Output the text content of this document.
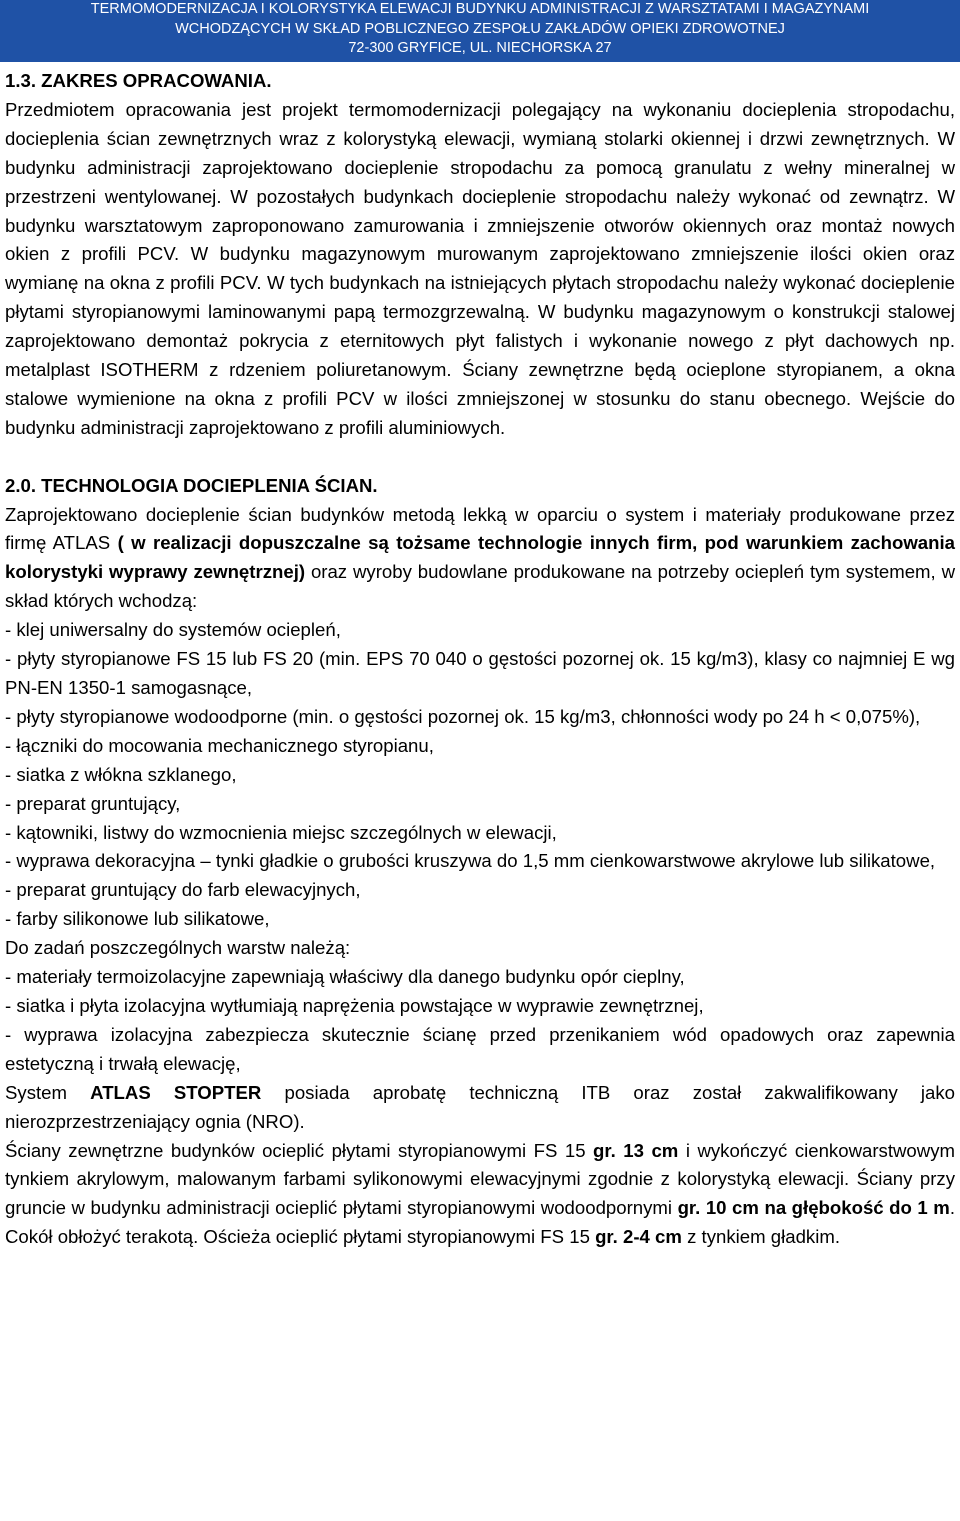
TERMOMODERNIZACJA I KOLORYSTYKA ELEWACJI BUDYNKU ADMINISTRACJI Z WARSZTATAMI I MAGAZYNAMI
WCHODZĄCYCH W SKŁAD POBLICZNEGO ZESPOŁU ZAKŁADÓW OPIEKI ZDROWOTNEJ
72-300 GRYFICE, UL. NIECHORSKA 27

1.3. ZAKRES OPRACOWANIA.

Przedmiotem opracowania jest projekt termomodernizacji polegający na wykonaniu docieplenia stropodachu, docieplenia ścian zewnętrznych wraz z kolorystyką elewacji, wymianą stolarki okiennej i drzwi zewnętrznych. W budynku administracji zaprojektowano docieplenie stropodachu za pomocą granulatu z wełny mineralnej w przestrzeni wentylowanej. W pozostałych budynkach docieplenie stropodachu należy wykonać od zewnątrz. W budynku warsztatowym zaproponowano zamurowania i zmniejszenie otworów okiennych oraz montaż nowych okien z profili PCV. W budynku magazynowym murowanym zaprojektowano zmniejszenie ilości okien oraz wymianę na okna z profili PCV. W tych budynkach na istniejących płytach stropodachu należy wykonać docieplenie płytami styropianowymi laminowanymi papą termozgrzewalną. W budynku magazynowym o konstrukcji stalowej zaprojektowano demontaż pokrycia z eternitowych płyt falistych i wykonanie nowego z płyt dachowych np. metalplast ISOTHERM z rdzeniem poliuretanowym. Ściany zewnętrzne będą ocieplone styropianem, a okna stalowe wymienione na okna z profili PCV w ilości zmniejszonej w stosunku do stanu obecnego. Wejście do budynku administracji zaprojektowano z profili aluminiowych.

2.0. TECHNOLOGIA DOCIEPLENIA ŚCIAN.

Zaprojektowano docieplenie ścian budynków metodą lekką w oparciu o system i materiały produkowane przez firmę ATLAS ( w realizacji dopuszczalne są tożsame technologie innych firm, pod warunkiem zachowania kolorystyki wyprawy zewnętrznej) oraz wyroby budowlane produkowane na potrzeby ociepleń tym systemem, w skład których wchodzą:

- klej uniwersalny do systemów ociepleń,

- płyty styropianowe FS 15 lub FS 20 (min. EPS 70 040 o gęstości pozornej ok. 15 kg/m3), klasy co najmniej E wg PN-EN 1350-1 samogasnące,

- płyty styropianowe wodoodporne (min. o gęstości pozornej ok. 15 kg/m3, chłonności wody po 24 h < 0,075%),

- łączniki do mocowania mechanicznego styropianu,

- siatka z włókna szklanego,

- preparat gruntujący,

- kątowniki, listwy do wzmocnienia miejsc szczególnych w elewacji,

- wyprawa dekoracyjna – tynki gładkie o grubości kruszywa do 1,5 mm cienkowarstwowe akrylowe lub silikatowe,

- preparat gruntujący do farb elewacyjnych,

- farby silikonowe lub silikatowe,

Do zadań poszczególnych warstw należą:

- materiały termoizolacyjne zapewniają właściwy dla danego budynku opór cieplny,

- siatka i płyta izolacyjna wytłumiają naprężenia powstające w wyprawie zewnętrznej,

- wyprawa izolacyjna zabezpiecza skutecznie ścianę przed przenikaniem wód opadowych oraz zapewnia estetyczną i trwałą elewację,

System ATLAS STOPTER posiada aprobatę techniczną ITB oraz został zakwalifikowany jako nierozprzestrzeniający ognia (NRO).

Ściany zewnętrzne budynków ocieplić płytami styropianowymi FS 15 gr. 13 cm i wykończyć cienkowarstwowym tynkiem akrylowym, malowanym farbami sylikonowymi elewacyjnymi zgodnie z kolorystyką elewacji. Ściany przy gruncie w budynku administracji ocieplić płytami styropianowymi wodoodpornymi gr. 10 cm na głębokość do 1 m. Cokół obłożyć terakotą. Ościeża ocieplić płytami styropianowymi FS 15 gr. 2-4 cm z tynkiem gładkim.
